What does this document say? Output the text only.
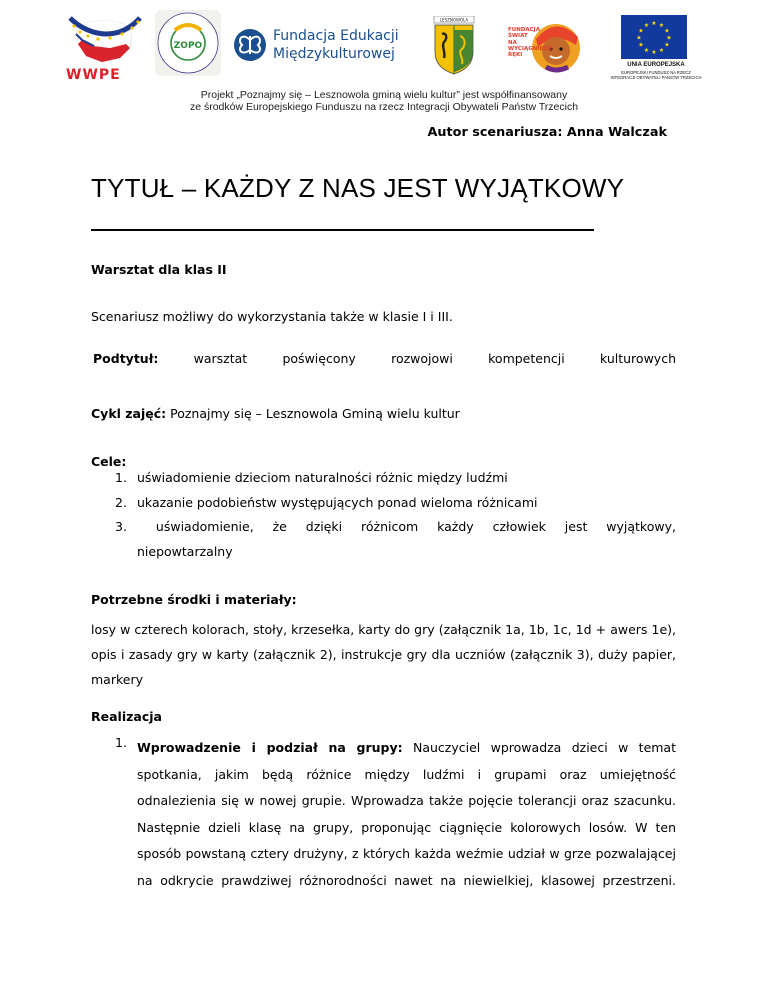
WWPE
ZOPO
Fundacja Edukacji
Międzykulturowej
LESZNOWOLA
FUNDACJA
ŚWIAT
NA
WYCIĄGNIĘCIE
RĘKI
★ ★
★
★
★
★
★
★
★
★
★
★
UNIA EUROPEJSKA
EUROPEJSKI FUNDUSZ NA RZECZ
INTEGRACJI OBYWATELI PAŃSTW TRZECICH
Projekt „Poznajmy się – Lesznowola gminą wielu kultur” jest współfinansowany
ze środków Europejskiego Funduszu na rzecz Integracji Obywateli Państw Trzecich
Autor scenariusza: Anna Walczak
TYTUŁ – KAŻDY Z NAS JEST WYJĄTKOWY
Warsztat dla klas II
Scenariusz możliwy do wykorzystania także w klasie I i III.
Podtytuł:	warsztat	poświęcony	rozwojowi	kompetencji	kulturowych
Cykl zajęć: Poznajmy się – Lesznowola Gminą wielu kultur
Cele:
1. uświadomienie dzieciom naturalności różnic między ludźmi
2. ukazanie podobieństw występujących ponad wieloma różnicami
3.	uświadomienie, że dzięki różnicom każdy człowiek jest wyjątkowy,
niepowtarzalny
Potrzebne środki i materiały:
losy w czterech kolorach, stoły, krzesełka, karty do gry (załącznik 1a, 1b, 1c, 1d + awers 1e), opis i zasady gry w karty (załącznik 2), instrukcje gry dla uczniów (załącznik 3), duży papier, markery
Realizacja
1. Wprowadzenie i podział na grupy: Nauczyciel wprowadza dzieci w temat spotkania, jakim będą różnice między ludźmi i grupami oraz umiejętność odnalezienia się w nowej grupie. Wprowadza także pojęcie tolerancji oraz szacunku. Następnie dzieli klasę na grupy, proponując ciągnięcie kolorowych losów. W ten sposób powstaną cztery drużyny, z których każda weźmie udział w grze pozwalającej na odkrycie prawdziwej różnorodności nawet na niewielkiej, klasowej przestrzeni.
